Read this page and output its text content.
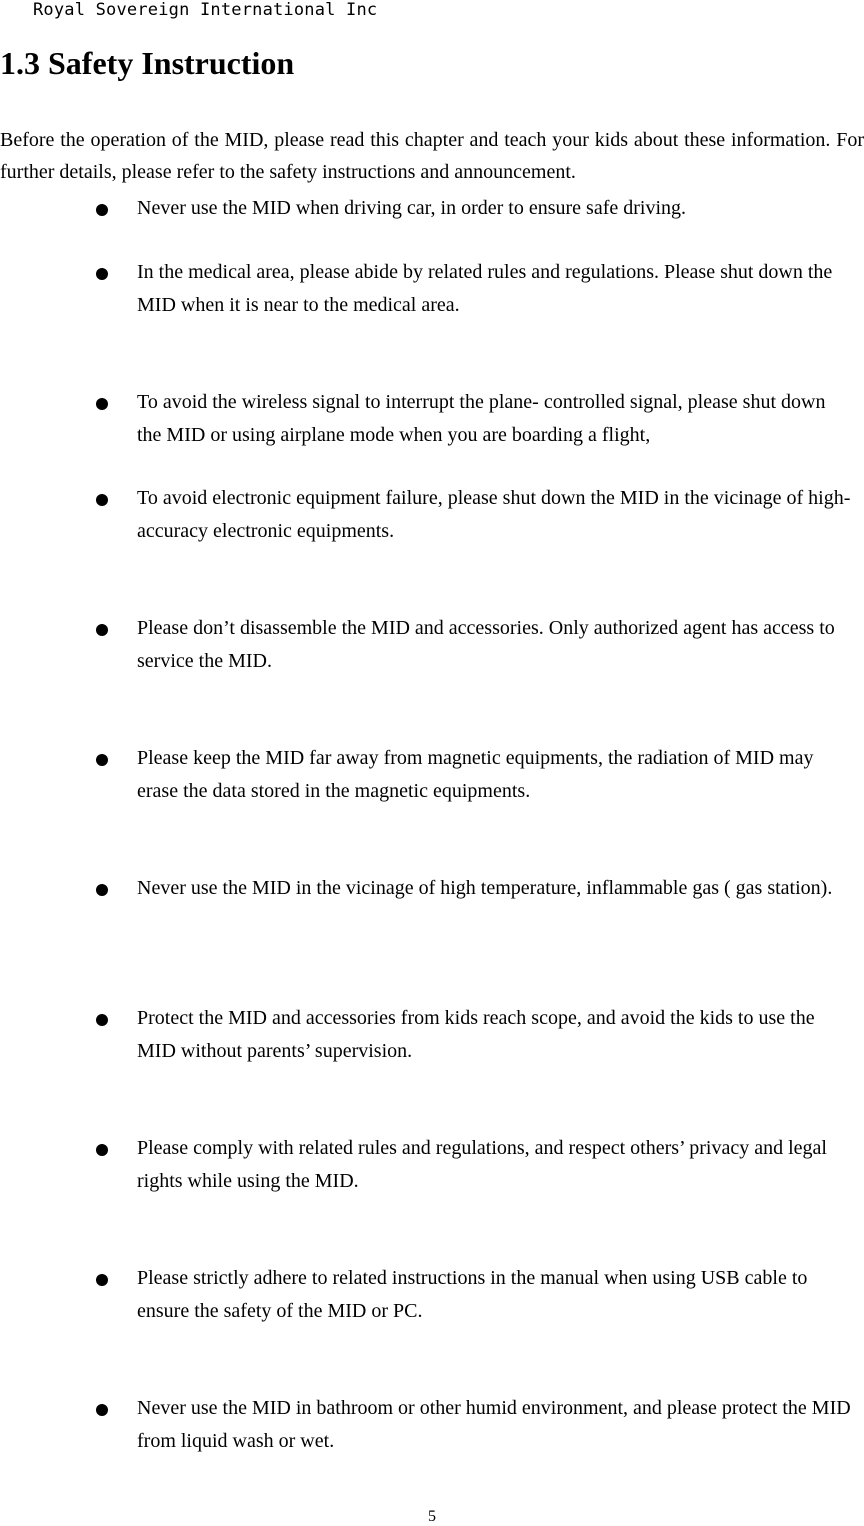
Royal Sovereign International Inc
1.3 Safety Instruction

Before the operation of the MID, please read this chapter and teach your kids about these information. For further details, please refer to the safety instructions and announcement.

Never use the MID when driving car, in order to ensure safe driving.
In the medical area, please abide by related rules and regulations. Please shut down the MID when it is near to the medical area.
To avoid the wireless signal to interrupt the plane- controlled signal, please shut down the MID or using airplane mode when you are boarding a flight,
To avoid electronic equipment failure, please shut down the MID in the vicinage of high-accuracy electronic equipments.
Please don’t disassemble the MID and accessories. Only authorized agent has access to service the MID.
Please keep the MID far away from magnetic equipments, the radiation of MID may erase the data stored in the magnetic equipments.
Never use the MID in the vicinage of high temperature, inflammable gas ( gas station).
Protect the MID and accessories from kids reach scope, and avoid the kids to use the MID without parents’ supervision.
Please comply with related rules and regulations, and respect others’ privacy and legal rights while using the MID.
Please strictly adhere to related instructions in the manual when using USB cable to ensure the safety of the MID or PC.
Never use the MID in bathroom or other humid environment, and please protect the MID from liquid wash or wet.
5
